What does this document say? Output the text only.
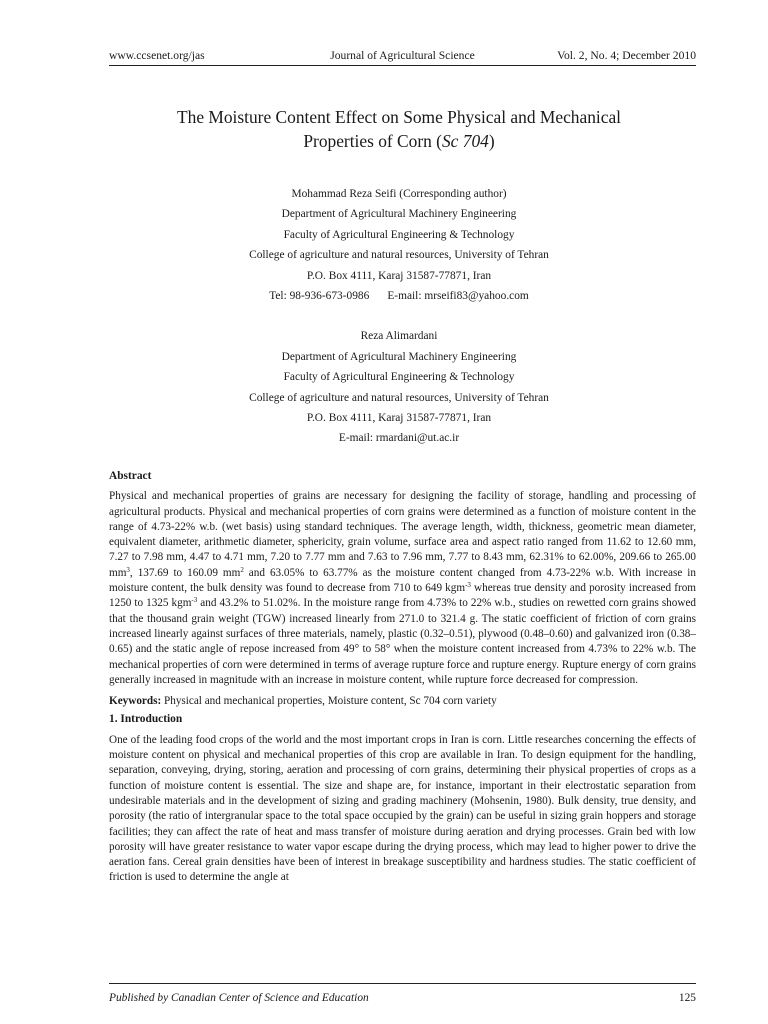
www.ccsenet.org/jas	Journal of Agricultural Science	Vol. 2, No. 4; December 2010
The Moisture Content Effect on Some Physical and Mechanical
Properties of Corn (Sc 704)
Mohammad Reza Seifi (Corresponding author)
Department of Agricultural Machinery Engineering
Faculty of Agricultural Engineering & Technology
College of agriculture and natural resources, University of Tehran
P.O. Box 4111, Karaj 31587-77871, Iran
Tel: 98-936-673-0986 E-mail: mrseifi83@yahoo.com
Reza Alimardani
Department of Agricultural Machinery Engineering
Faculty of Agricultural Engineering & Technology
College of agriculture and natural resources, University of Tehran
P.O. Box 4111, Karaj 31587-77871, Iran
E-mail: rmardani@ut.ac.ir
Abstract

Physical and mechanical properties of grains are necessary for designing the facility of storage, handling and processing of agricultural products. Physical and mechanical properties of corn grains were determined as a function of moisture content in the range of 4.73-22% w.b. (wet basis) using standard techniques. The average length, width, thickness, geometric mean diameter, equivalent diameter, arithmetic diameter, sphericity, grain volume, surface area and aspect ratio ranged from 11.62 to 12.60 mm, 7.27 to 7.98 mm, 4.47 to 4.71 mm, 7.20 to 7.77 mm and 7.63 to 7.96 mm, 7.77 to 8.43 mm, 62.31% to 62.00%, 209.66 to 265.00 $mm^3$, 137.69 to 160.09 $mm^2$ and 63.05% to 63.77% as the moisture content changed from 4.73-22% w.b. With increase in moisture content, the bulk density was found to decrease from 710 to 649 kgm$^{-3}$ whereas true density and porosity increased from 1250 to 1325 kgm$^{-3}$ and 43.2% to 51.02%. In the moisture range from 4.73% to 22% w.b., studies on rewetted corn grains showed that the thousand grain weight (TGW) increased linearly from 271.0 to 321.4 g. The static coefficient of friction of corn grains increased linearly against surfaces of three materials, namely, plastic (0.32–0.51), plywood (0.48–0.60) and galvanized iron (0.38–0.65) and the static angle of repose increased from 49° to 58° when the moisture content increased from 4.73% to 22% w.b. The mechanical properties of corn were determined in terms of average rupture force and rupture energy. Rupture energy of corn grains generally increased in magnitude with an increase in moisture content, while rupture force decreased for compression.

Keywords: Physical and mechanical properties, Moisture content, Sc 704 corn variety

1. Introduction

One of the leading food crops of the world and the most important crops in Iran is corn. Little researches concerning the effects of moisture content on physical and mechanical properties of this crop are available in Iran. To design equipment for the handling, separation, conveying, drying, storing, aeration and processing of corn grains, determining their physical properties of crops as a function of moisture content is essential. The size and shape are, for instance, important in their electrostatic separation from undesirable materials and in the development of sizing and grading machinery (Mohsenin, 1980). Bulk density, true density, and porosity (the ratio of intergranular space to the total space occupied by the grain) can be useful in sizing grain hoppers and storage facilities; they can affect the rate of heat and mass transfer of moisture during aeration and drying processes. Grain bed with low porosity will have greater resistance to water vapor escape during the drying process, which may lead to higher power to drive the aeration fans. Cereal grain densities have been of interest in breakage susceptibility and hardness studies. The static coefficient of friction is used to determine the angle at

Published by Canadian Center of Science and Education	125
